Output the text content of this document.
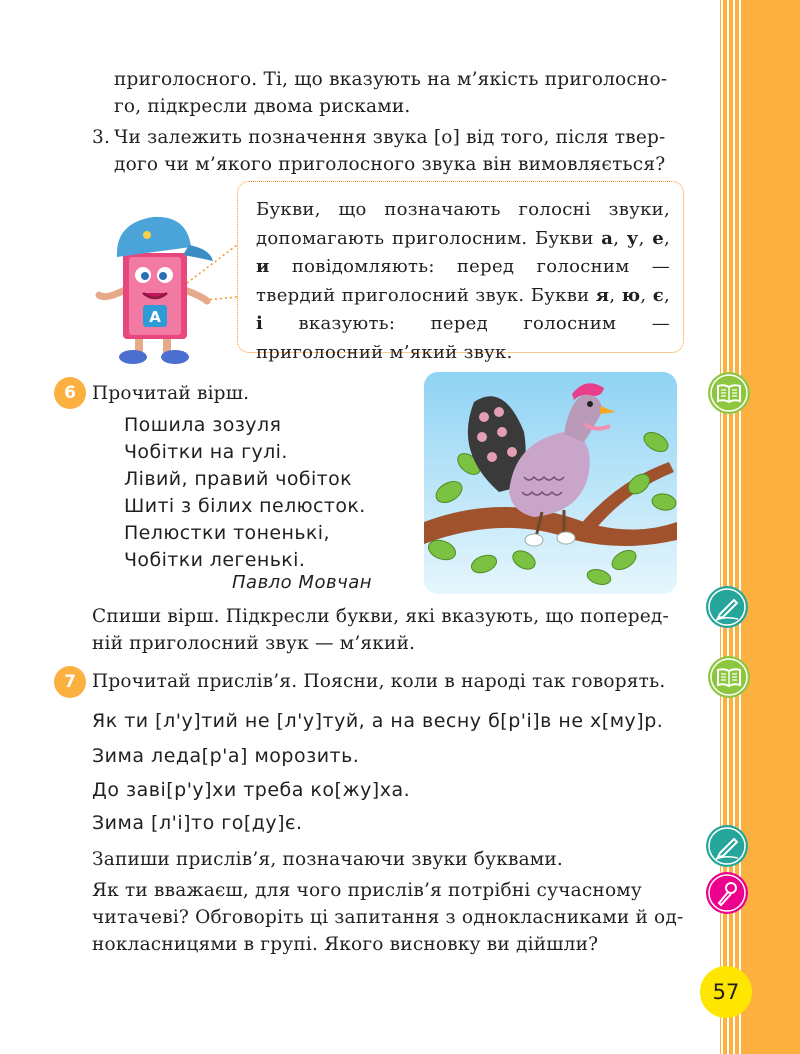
приголосного. Ті, що вказують на м’якість приголосно-
го, підкресли двома рисками.
3. Чи залежить позначення звука [о] від того, після твер-
дого чи м’якого приголосного звука він вимовляється?
A

Букви, що позначають голосні звуки, допомагають приголосним. Букви а, у, е, и повідомляють: перед голосним — твердий приголосний звук. Букви я, ю, є, і вказують: перед голосним — приголосний м’який звук.

6 Прочитай вірш.
Пошила зозуля
Чобітки на гулі.
Лівий, правий чобіток
Шиті з білих пелюсток.
Пелюстки тоненькі,
Чобітки легенькі.
Павло Мовчан
Спиши вірш. Підкресли букви, які вказують, що поперед-
ній приголосний звук — м’який.
7 Прочитай прислів’я. Поясни, коли в народі так говорять.
Як ти [л'у]тий не [л'у]туй, а на весну б[р'і]в не х[му]р.
Зима леда[р'а] морозить.
До заві[р'у]хи треба ко[жу]ха.
Зима [л'і]то го[ду]є.
Запиши прислів’я, позначаючи звуки буквами.
Як ти вважаєш, для чого прислів’я потрібні сучасному
читачеві? Обговоріть ці запитання з однокласниками й од-
нокласницями в групі. Якого висновку ви дійшли?
57
